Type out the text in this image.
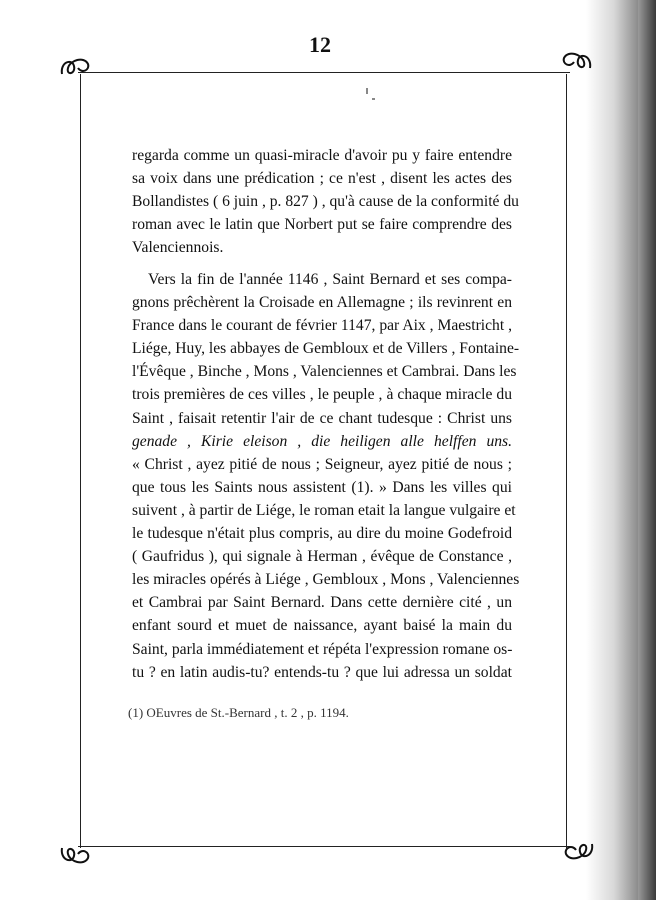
12
regarda comme un quasi-miracle d'avoir pu y faire entendre
sa voix dans une prédication ; ce n'est , disent les actes des
Bollandistes ( 6 juin , p. 827 ) , qu'à cause de la conformité du
roman avec le latin que Norbert put se faire comprendre des
Valenciennois.
Vers la fin de l'année 1146 , Saint Bernard et ses compa-
gnons prêchèrent la Croisade en Allemagne ; ils revinrent en
France dans le courant de février 1147, par Aix , Maestricht ,
Liége, Huy, les abbayes de Gembloux et de Villers , Fontaine-
l'Évêque , Binche , Mons , Valenciennes et Cambrai. Dans les
trois premières de ces villes , le peuple , à chaque miracle du
Saint , faisait retentir l'air de ce chant tudesque : Christ uns
genade , Kirie eleison , die heiligen alle helffen uns.
« Christ , ayez pitié de nous ; Seigneur, ayez pitié de nous ;
que tous les Saints nous assistent (1). » Dans les villes qui
suivent , à partir de Liége, le roman etait la langue vulgaire et
le tudesque n'était plus compris, au dire du moine Godefroid
( Gaufridus ), qui signale à Herman , évêque de Constance ,
les miracles opérés à Liége , Gembloux , Mons , Valenciennes
et Cambrai par Saint Bernard. Dans cette dernière cité , un
enfant sourd et muet de naissance, ayant baisé la main du
Saint, parla immédiatement et répéta l'expression romane os-
tu ? en latin audis-tu? entends-tu ? que lui adressa un soldat
(1) OEuvres de St.-Bernard , t. 2 , p. 1194.
